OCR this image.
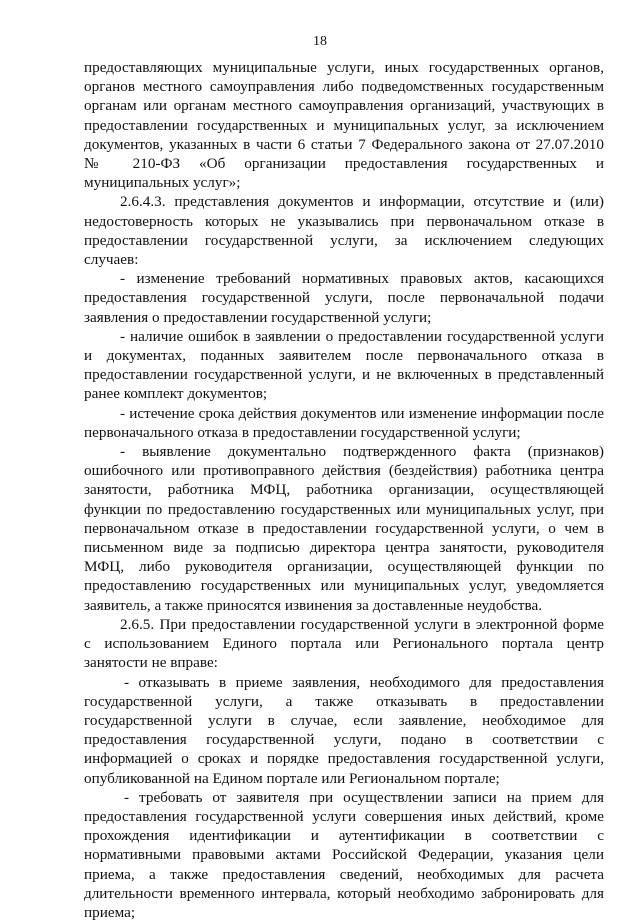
18

предоставляющих муниципальные услуги, иных государственных органов,

органов местного самоуправления либо подведомственных государственным

органам или органам местного самоуправления организаций, участвующих в

предоставлении государственных и муниципальных услуг, за исключением

документов, указанных в части 6 статьи 7 Федерального закона от 27.07.2010

№ 210-ФЗ «Об организации предоставления государственных и

муниципальных услуг»;

2.6.4.3. представления документов и информации, отсутствие и (или)

недостоверность которых не указывались при первоначальном отказе в

предоставлении государственной услуги, за исключением следующих

случаев:

- изменение требований нормативных правовых актов, касающихся

предоставления государственной услуги, после первоначальной подачи

заявления о предоставлении государственной услуги;

- наличие ошибок в заявлении о предоставлении государственной услуги

и документах, поданных заявителем после первоначального отказа в

предоставлении государственной услуги, и не включенных в представленный

ранее комплект документов;

- истечение срока действия документов или изменение информации после

первоначального отказа в предоставлении государственной услуги;

- выявление документально подтвержденного факта (признаков)

ошибочного или противоправного действия (бездействия) работника центра

занятости, работника МФЦ, работника организации, осуществляющей

функции по предоставлению государственных или муниципальных услуг, при

первоначальном отказе в предоставлении государственной услуги, о чем в

письменном виде за подписью директора центра занятости, руководителя

МФЦ, либо руководителя организации, осуществляющей функции по

предоставлению государственных или муниципальных услуг, уведомляется

заявитель, а также приносятся извинения за доставленные неудобства.

2.6.5. При предоставлении государственной услуги в электронной форме

с использованием Единого портала или Регионального портала центр

занятости не вправе:

- отказывать в приеме заявления, необходимого для предоставления

государственной услуги, а также отказывать в предоставлении

государственной услуги в случае, если заявление, необходимое для

предоставления государственной услуги, подано в соответствии с

информацией о сроках и порядке предоставления государственной услуги,

опубликованной на Едином портале или Региональном портале;

- требовать от заявителя при осуществлении записи на прием для

предоставления государственной услуги совершения иных действий, кроме

прохождения идентификации и аутентификации в соответствии с

нормативными правовыми актами Российской Федерации, указания цели

приема, а также предоставления сведений, необходимых для расчета

длительности временного интервала, который необходимо забронировать для

приема;
